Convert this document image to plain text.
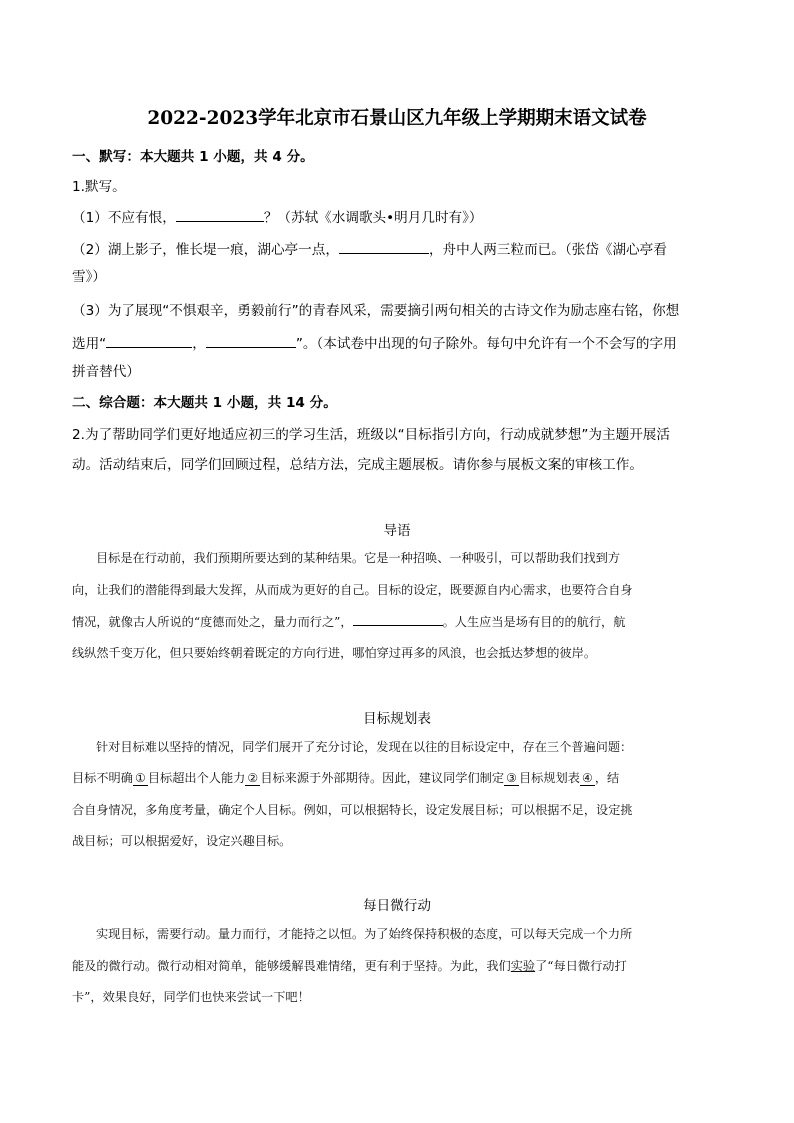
2022-2023学年北京市石景山区九年级上学期期末语文试卷
一、默写：本大题共 1 小题，共 4 分。
1.默写。
（1）不应有恨，	？（苏轼《水调歌头•明月几时有》）
（2）湖上影子，惟长堤一痕，湖心亭一点，	，舟中人两三粒而已。（张岱《湖心亭看
雪》）
（3）为了展现“不惧艰辛，勇毅前行”的青春风采，需要摘引两句相关的古诗文作为励志座右铭，你想
选用“	，	”。（本试卷中出现的句子除外。每句中允许有一个不会写的字用
拼音替代）
二、综合题：本大题共 1 小题，共 14 分。
2.为了帮助同学们更好地适应初三的学习生活，班级以“目标指引方向，行动成就梦想”为主题开展活
动。活动结束后，同学们回顾过程，总结方法，完成主题展板。请你参与展板文案的审核工作。
导语
目标是在行动前，我们预期所要达到的某种结果。它是一种招唤、一种吸引，可以帮助我们找到方
向，让我们的潜能得到最大发挥，从而成为更好的自己。目标的设定，既要源自内心需求，也要符合自身
情况，就像古人所说的“度德而处之，量力而行之”，	。人生应当是场有目的的航行，航
线纵然千变万化，但只要始终朝着既定的方向行进，哪怕穿过再多的风浪，也会抵达梦想的彼岸。
目标规划表
针对目标难以坚持的情况，同学们展开了充分讨论，发现在以往的目标设定中，存在三个普遍问题：
目标不明确 ① 目标超出个人能力 ② 目标来源于外部期待。因此，建议同学们制定 ③ 目标规划表 ④ ，结
合自身情况，多角度考量，确定个人目标。例如，可以根据特长，设定发展目标；可以根据不足，设定挑
战目标；可以根据爱好，设定兴趣目标。
每日微行动
实现目标，需要行动。量力而行，才能持之以恒。为了始终保持积极的态度，可以每天完成一个力所
能及的微行动。微行动相对简单，能够缓解畏难情绪，更有利于坚持。为此，我们实验了“每日微行动打
卡”，效果良好，同学们也快来尝试一下吧！
